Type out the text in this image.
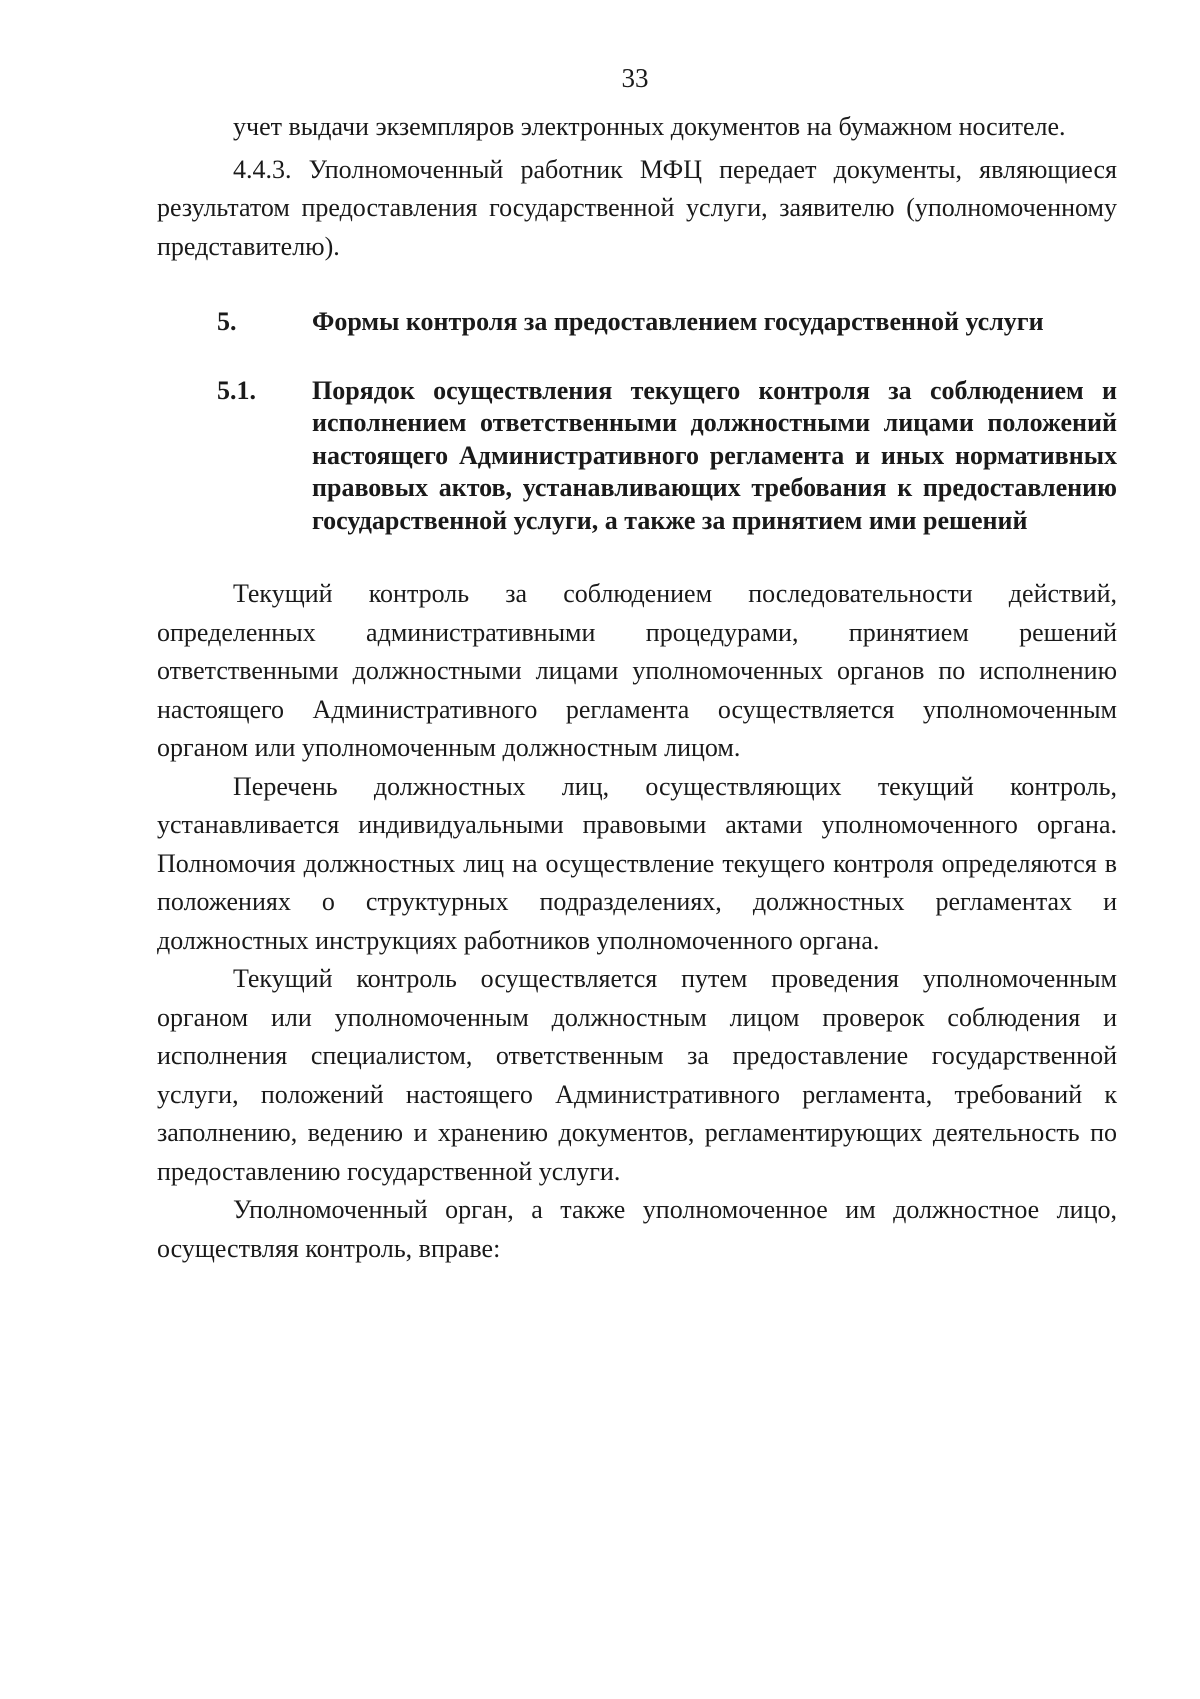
33

учет выдачи экземпляров электронных документов на бумажном носителе.

4.4.3. Уполномоченный работник МФЦ передает документы, являющиеся результатом предоставления государственной услуги, заявителю (уполномоченному представителю).

5.	Формы контроля за предоставлением государственной услуги
5.1.	Порядок осуществления текущего контроля за соблюдением и исполнением ответственными должностными лицами положений настоящего Административного регламента и иных нормативных правовых актов, устанавливающих требования к предоставлению государственной услуги, а также за принятием ими решений

Текущий контроль за соблюдением последовательности действий, определенных административными процедурами, принятием решений ответственными должностными лицами уполномоченных органов по исполнению настоящего Административного регламента осуществляется уполномоченным органом или уполномоченным должностным лицом.

Перечень должностных лиц, осуществляющих текущий контроль, устанавливается индивидуальными правовыми актами уполномоченного органа. Полномочия должностных лиц на осуществление текущего контроля определяются в положениях о структурных подразделениях, должностных регламентах и должностных инструкциях работников уполномоченного органа.

Текущий контроль осуществляется путем проведения уполномоченным органом или уполномоченным должностным лицом проверок соблюдения и исполнения специалистом, ответственным за предоставление государственной услуги, положений настоящего Административного регламента, требований к заполнению, ведению и хранению документов, регламентирующих деятельность по предоставлению государственной услуги.

Уполномоченный орган, а также уполномоченное им должностное лицо, осуществляя контроль, вправе:
